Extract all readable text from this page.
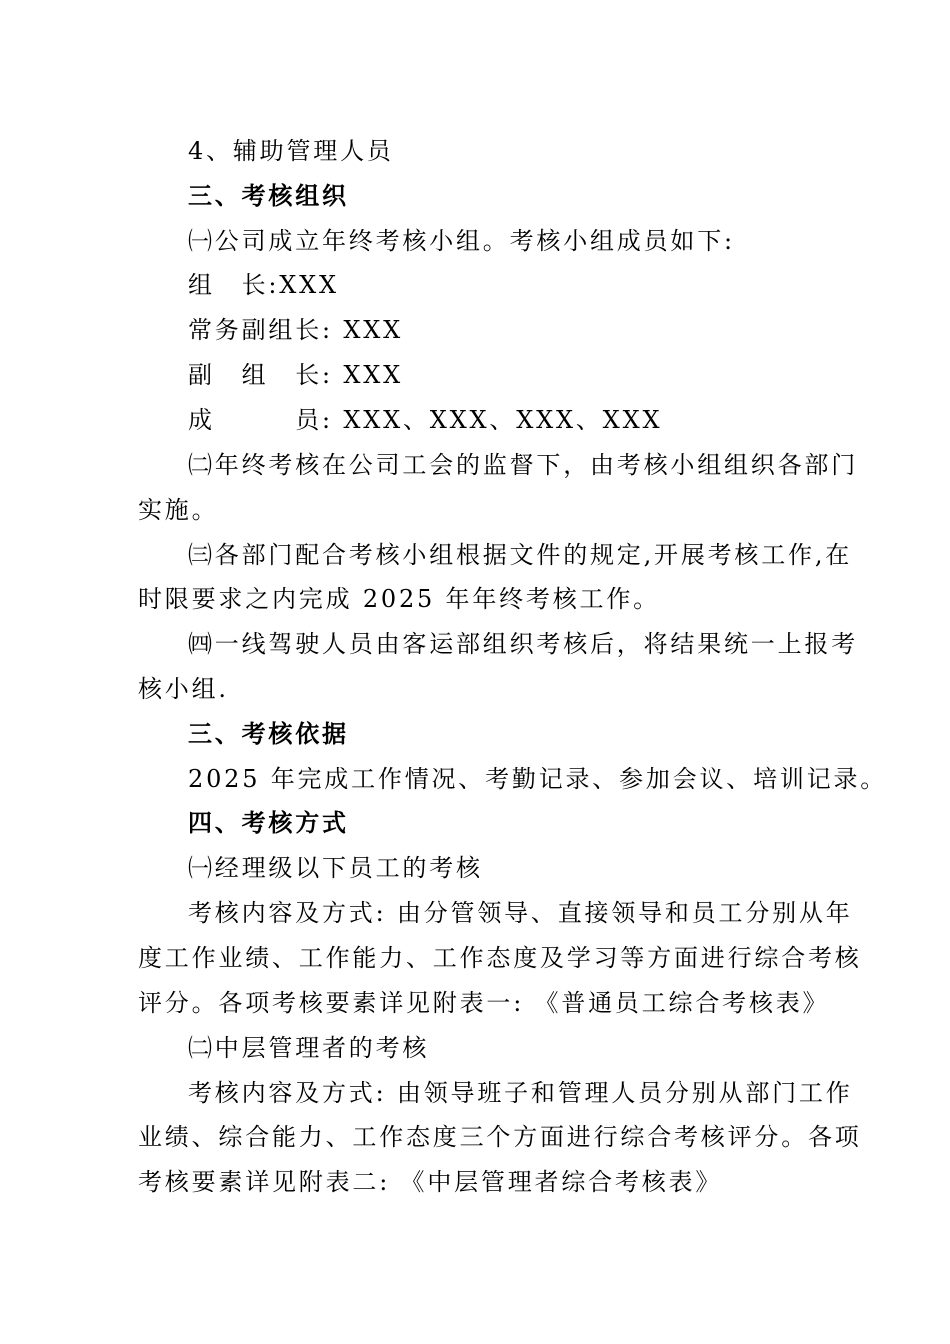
4、辅助管理人员
三、考核组织
㈠公司成立年终考核小组。考核小组成员如下:
组　长:XXX
常务副组长: XXX
副　组　长: XXX
成　　　员: XXX、XXX、XXX、XXX
㈡年终考核在公司工会的监督下，由考核小组组织各部门
实施。
㈢各部门配合考核小组根据文件的规定,开展考核工作,在
时限要求之内完成 2025 年年终考核工作。
㈣一线驾驶人员由客运部组织考核后，将结果统一上报考
核小组.
三、考核依据
2025 年完成工作情况、考勤记录、参加会议、培训记录。
四、考核方式
㈠经理级以下员工的考核
考核内容及方式: 由分管领导、直接领导和员工分别从年
度工作业绩、工作能力、工作态度及学习等方面进行综合考核
评分。各项考核要素详见附表一: 《普通员工综合考核表》
㈡中层管理者的考核
考核内容及方式: 由领导班子和管理人员分别从部门工作
业绩、综合能力、工作态度三个方面进行综合考核评分。各项
考核要素详见附表二: 《中层管理者综合考核表》
